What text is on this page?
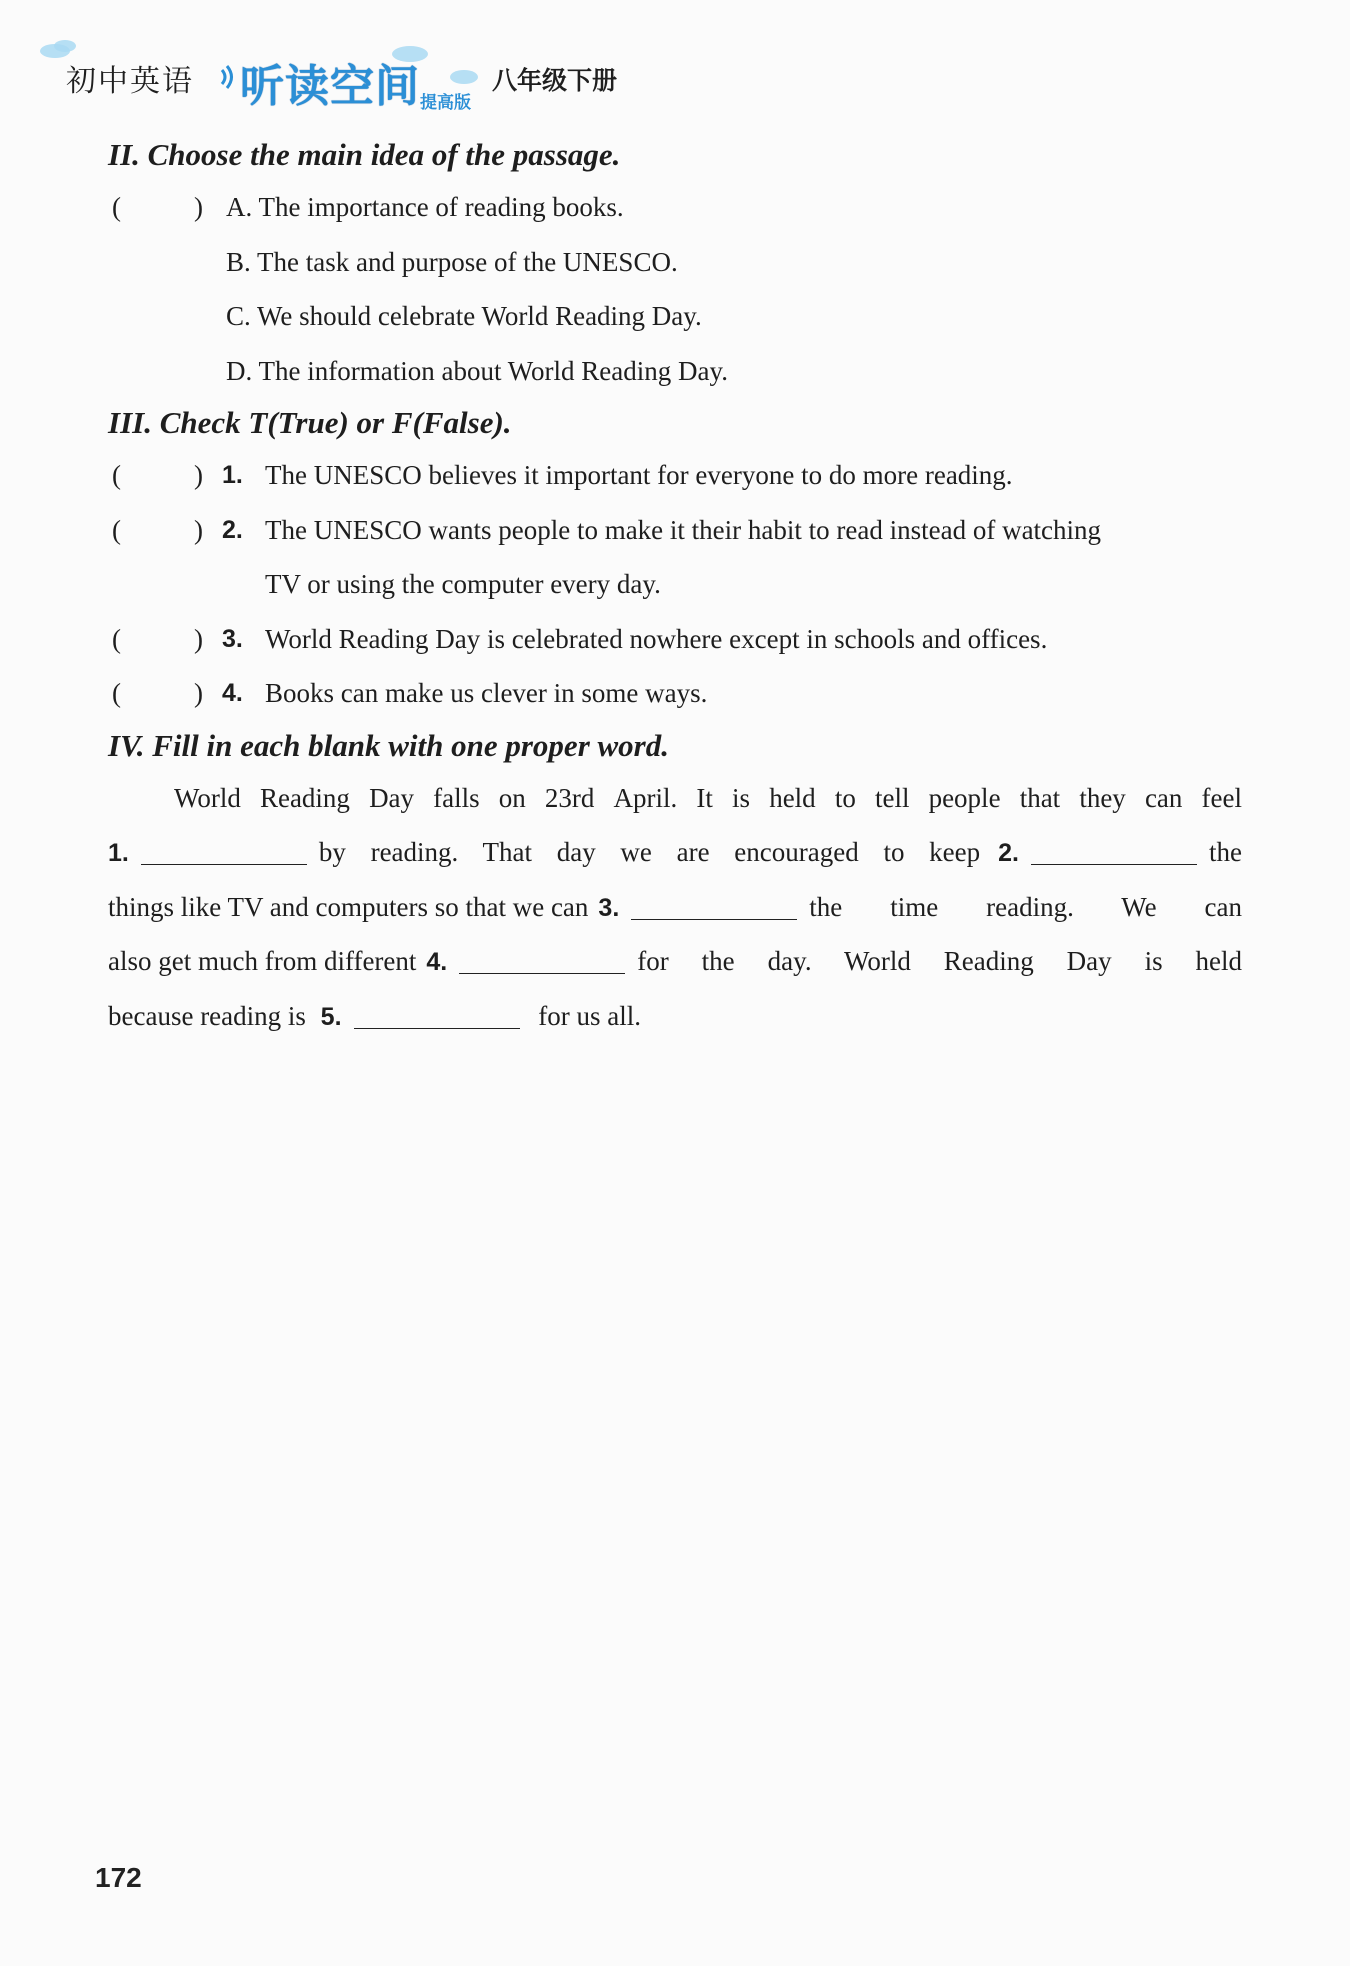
初中英语 听读空间 提高版
八年级下册
II. Choose the main idea of the passage.
(	) A. The importance of reading books.
B. The task and purpose of the UNESCO.
C. We should celebrate World Reading Day.
D. The information about World Reading Day.
III. Check T(True) or F(False).
(	) 1. The UNESCO believes it important for everyone to do more reading.
(	) 2. The UNESCO wants people to make it their habit to read instead of watching
TV or using the computer every day.
(	) 3. World Reading Day is celebrated nowhere except in schools and offices.
(	) 4. Books can make us clever in some ways.
IV. Fill in each blank with one proper word.
World Reading Day falls on 23rd April. It is held to tell people that they can feel
1.	by reading. That day we are encouraged to keep 2.	the
things like TV and computers so that we can 3.	the time reading. We can
also get much from different 4.	for the day. World Reading Day is held
because reading is 5.	for us all.
172
